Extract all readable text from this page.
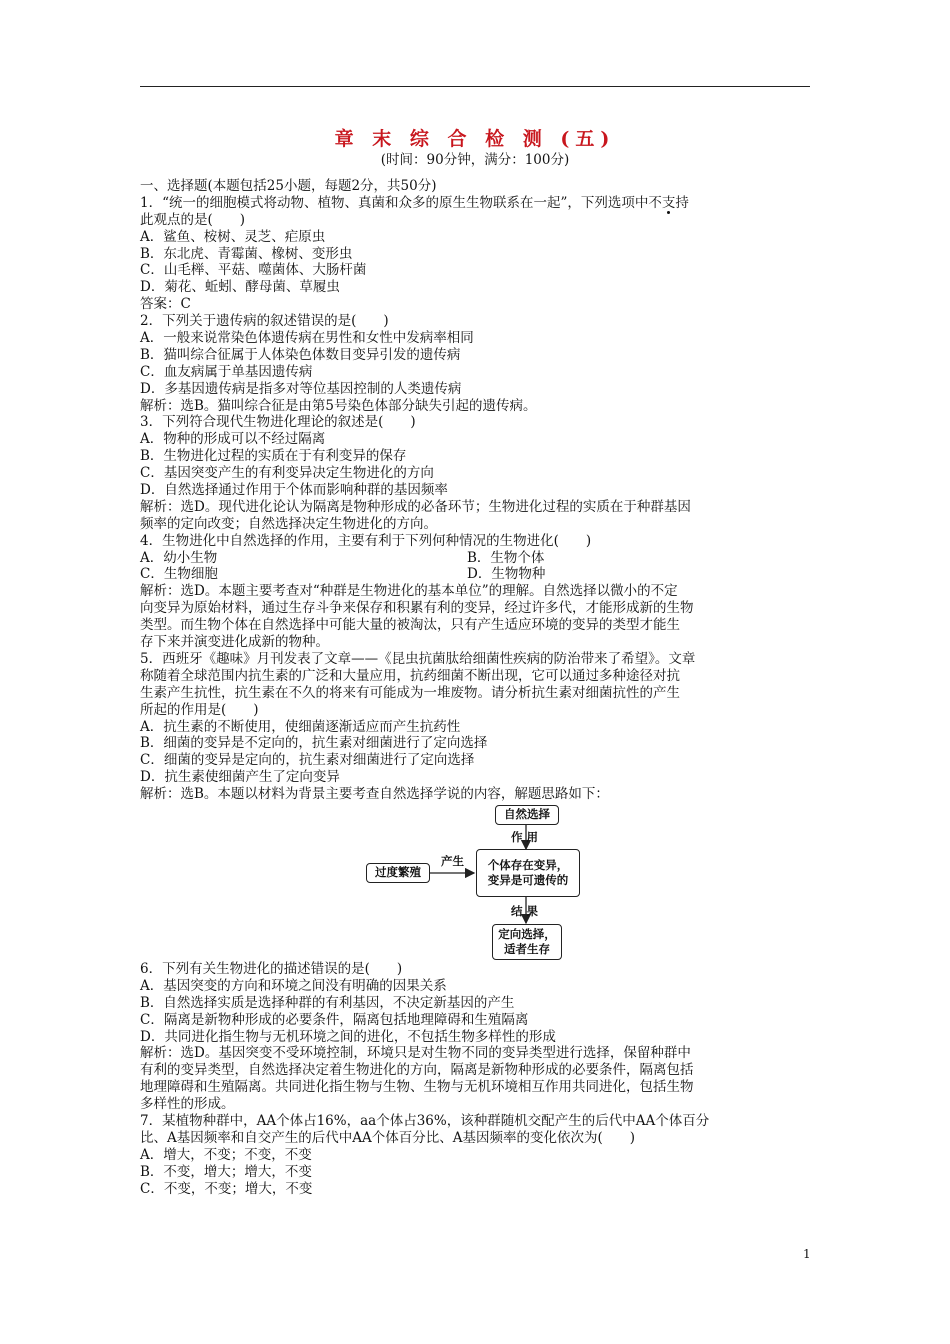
章 末 综 合 检 测 (五)
(时间：90分钟，满分：100分)
一、选择题(本题包括25小题，每题2分，共50分)
1．“统一的细胞模式将动物、植物、真菌和众多的原生生物联系在一起”，下列选项中不支持
此观点的是(　　)
A．鲨鱼、桉树、灵芝、疟原虫
B．东北虎、青霉菌、橡树、变形虫
C．山毛榉、平菇、噬菌体、大肠杆菌
D．菊花、蚯蚓、酵母菌、草履虫
答案：C
2．下列关于遗传病的叙述错误的是(　　)
A．一般来说常染色体遗传病在男性和女性中发病率相同
B．猫叫综合征属于人体染色体数目变异引发的遗传病
C．血友病属于单基因遗传病
D．多基因遗传病是指多对等位基因控制的人类遗传病
解析：选B。猫叫综合征是由第5号染色体部分缺失引起的遗传病。
3．下列符合现代生物进化理论的叙述是(　　)
A．物种的形成可以不经过隔离
B．生物进化过程的实质在于有利变异的保存
C．基因突变产生的有利变异决定生物进化的方向
D．自然选择通过作用于个体而影响种群的基因频率
解析：选D。现代进化论认为隔离是物种形成的必备环节；生物进化过程的实质在于种群基因
频率的定向改变；自然选择决定生物进化的方向。
4．生物进化中自然选择的作用，主要有利于下列何种情况的生物进化(　　)
A．幼小生物	B．生物个体
C．生物细胞	D．生物物种
解析：选D。本题主要考查对“种群是生物进化的基本单位”的理解。自然选择以微小的不定
向变异为原始材料，通过生存斗争来保存和积累有利的变异，经过许多代，才能形成新的生物
类型。而生物个体在自然选择中可能大量的被淘汰，只有产生适应环境的变异的类型才能生
存下来并演变进化成新的物种。
5．西班牙《趣味》月刊发表了文章——《昆虫抗菌肽给细菌性疾病的防治带来了希望》。文章
称随着全球范围内抗生素的广泛和大量应用，抗药细菌不断出现，它可以通过多种途径对抗
生素产生抗性，抗生素在不久的将来有可能成为一堆废物。请分析抗生素对细菌抗性的产生
所起的作用是(　　)
A．抗生素的不断使用，使细菌逐渐适应而产生抗药性
B．细菌的变异是不定向的，抗生素对细菌进行了定向选择
C．细菌的变异是定向的，抗生素对细菌进行了定向选择
D．抗生素使细菌产生了定向变异
解析：选B。本题以材料为背景主要考查自然选择学说的内容，解题思路如下：
自然选择
作 用
过度繁殖
产生 个体存在变异，
变异是可遗传的
结 果
定向选择，
适者生存
6．下列有关生物进化的描述错误的是(　　)
A．基因突变的方向和环境之间没有明确的因果关系
B．自然选择实质是选择种群的有利基因，不决定新基因的产生
C．隔离是新物种形成的必要条件，隔离包括地理障碍和生殖隔离
D．共同进化指生物与无机环境之间的进化，不包括生物多样性的形成
解析：选D。基因突变不受环境控制，环境只是对生物不同的变异类型进行选择，保留种群中
有利的变异类型，自然选择决定着生物进化的方向，隔离是新物种形成的必要条件，隔离包括
地理障碍和生殖隔离。共同进化指生物与生物、生物与无机环境相互作用共同进化，包括生物
多样性的形成。
7．某植物种群中，AA个体占16%，aa个体占36%，该种群随机交配产生的后代中AA个体百分
比、A基因频率和自交产生的后代中AA个体百分比、A基因频率的变化依次为(　　)
A．增大，不变；不变，不变
B．不变，增大；增大，不变
C．不变，不变；增大，不变
1
